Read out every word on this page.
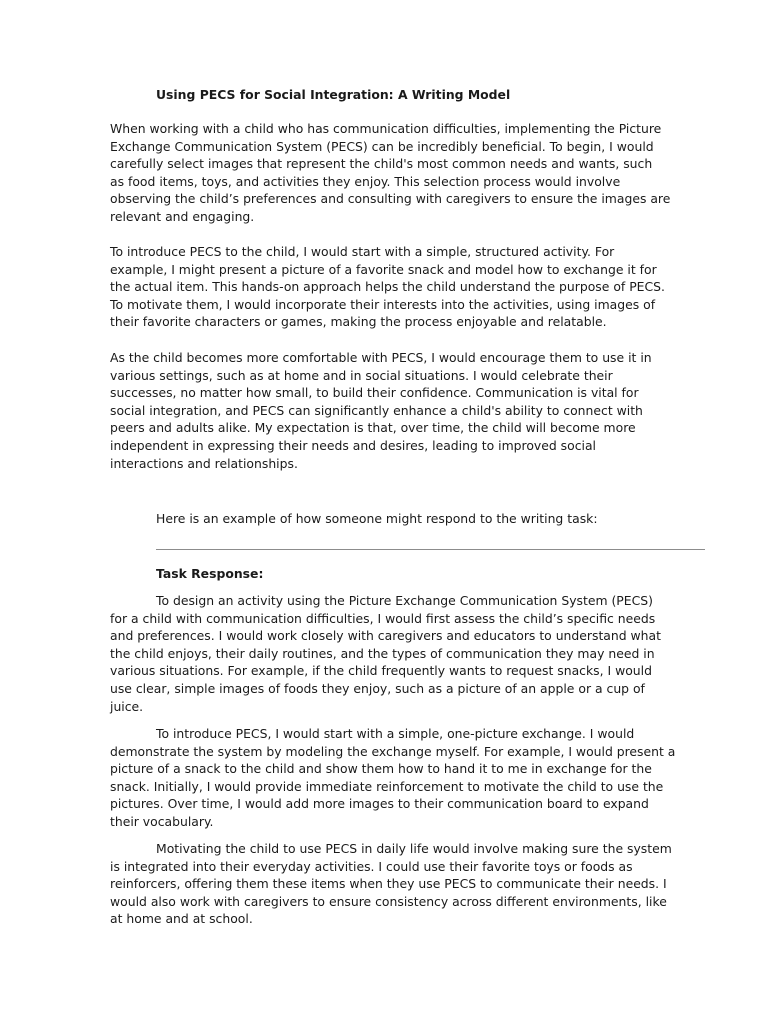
Using PECS for Social Integration: A Writing Model

When working with a child who has communication difficulties, implementing the Picture
Exchange Communication System (PECS) can be incredibly beneficial. To begin, I would
carefully select images that represent the child's most common needs and wants, such
as food items, toys, and activities they enjoy. This selection process would involve
observing the child’s preferences and consulting with caregivers to ensure the images are
relevant and engaging.

To introduce PECS to the child, I would start with a simple, structured activity. For
example, I might present a picture of a favorite snack and model how to exchange it for
the actual item. This hands-on approach helps the child understand the purpose of PECS.
To motivate them, I would incorporate their interests into the activities, using images of
their favorite characters or games, making the process enjoyable and relatable.

As the child becomes more comfortable with PECS, I would encourage them to use it in
various settings, such as at home and in social situations. I would celebrate their
successes, no matter how small, to build their confidence. Communication is vital for
social integration, and PECS can significantly enhance a child's ability to connect with
peers and adults alike. My expectation is that, over time, the child will become more
independent in expressing their needs and desires, leading to improved social
interactions and relationships.

Here is an example of how someone might respond to the writing task:
Task Response:

To design an activity using the Picture Exchange Communication System (PECS)
for a child with communication difficulties, I would first assess the child’s specific needs
and preferences. I would work closely with caregivers and educators to understand what
the child enjoys, their daily routines, and the types of communication they may need in
various situations. For example, if the child frequently wants to request snacks, I would
use clear, simple images of foods they enjoy, such as a picture of an apple or a cup of
juice.

To introduce PECS, I would start with a simple, one-picture exchange. I would
demonstrate the system by modeling the exchange myself. For example, I would present a
picture of a snack to the child and show them how to hand it to me in exchange for the
snack. Initially, I would provide immediate reinforcement to motivate the child to use the
pictures. Over time, I would add more images to their communication board to expand
their vocabulary.

Motivating the child to use PECS in daily life would involve making sure the system
is integrated into their everyday activities. I could use their favorite toys or foods as
reinforcers, offering them these items when they use PECS to communicate their needs. I
would also work with caregivers to ensure consistency across different environments, like
at home and at school.
